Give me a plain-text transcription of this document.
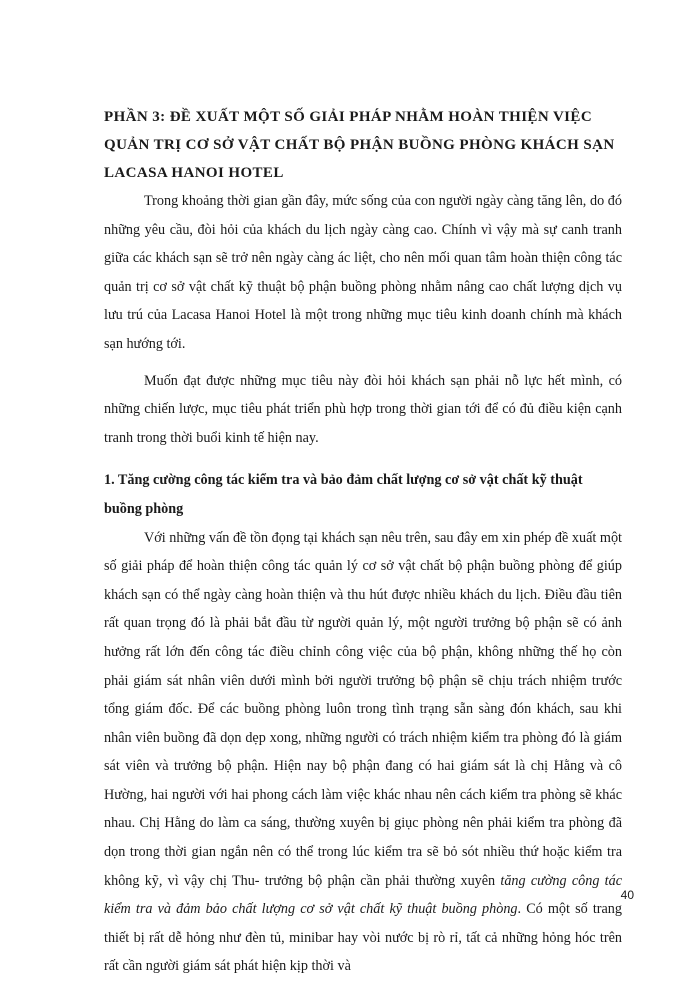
PHẦN 3: ĐỀ XUẤT MỘT SỐ GIẢI PHÁP NHẰM HOÀN THIỆN VIỆC QUẢN TRỊ CƠ SỞ VẬT CHẤT BỘ PHẬN BUỒNG PHÒNG KHÁCH SẠN LACASA HANOI HOTEL

Trong khoảng thời gian gần đây, mức sống của con người ngày càng tăng lên, do đó những yêu cầu, đòi hỏi của khách du lịch ngày càng cao. Chính vì vậy mà sự canh tranh giữa các khách sạn sẽ trở nên ngày càng ác liệt, cho nên mối quan tâm hoàn thiện công tác quản trị cơ sở vật chất kỹ thuật bộ phận buồng phòng nhằm nâng cao chất lượng dịch vụ lưu trú của Lacasa Hanoi Hotel là một trong những mục tiêu kinh doanh chính mà khách sạn hướng tới.

Muốn đạt được những mục tiêu này đòi hỏi khách sạn phải nỗ lực hết mình, có những chiến lược, mục tiêu phát triển phù hợp trong thời gian tới để có đủ điều kiện cạnh tranh trong thời buổi kinh tế hiện nay.

1. Tăng cường công tác kiểm tra và bảo đảm chất lượng cơ sở vật chất kỹ thuật buồng phòng

Với những vấn đề tồn đọng tại khách sạn nêu trên, sau đây em xin phép đề xuất một số giải pháp để hoàn thiện công tác quản lý cơ sở vật chất bộ phận buồng phòng để giúp khách sạn có thể ngày càng hoàn thiện và thu hút được nhiều khách du lịch. Điều đầu tiên rất quan trọng đó là phải bắt đầu từ người quản lý, một người trưởng bộ phận sẽ có ảnh hưởng rất lớn đến công tác điều chỉnh công việc của bộ phận, không những thế họ còn phải giám sát nhân viên dưới mình bởi người trưởng bộ phận sẽ chịu trách nhiệm trước tổng giám đốc. Để các buồng phòng luôn trong tình trạng sẵn sàng đón khách, sau khi nhân viên buồng đã dọn dẹp xong, những người có trách nhiệm kiểm tra phòng đó là giám sát viên và trưởng bộ phận. Hiện nay bộ phận đang có hai giám sát là chị Hằng và cô Hường, hai người với hai phong cách làm việc khác nhau nên cách kiểm tra phòng sẽ khác nhau. Chị Hằng do làm ca sáng, thường xuyên bị giục phòng nên phải kiểm tra phòng đã dọn trong thời gian ngắn nên có thể trong lúc kiểm tra sẽ bỏ sót nhiều thứ hoặc kiểm tra không kỹ, vì vậy chị Thu- trưởng bộ phận cần phải thường xuyên tăng cường công tác kiểm tra và đảm bảo chất lượng cơ sở vật chất kỹ thuật buồng phòng. Có một số trang thiết bị rất dễ hỏng như đèn tủ, minibar hay vòi nước bị rò rỉ, tất cả những hỏng hóc trên rất cần người giám sát phát hiện kịp thời và

40
